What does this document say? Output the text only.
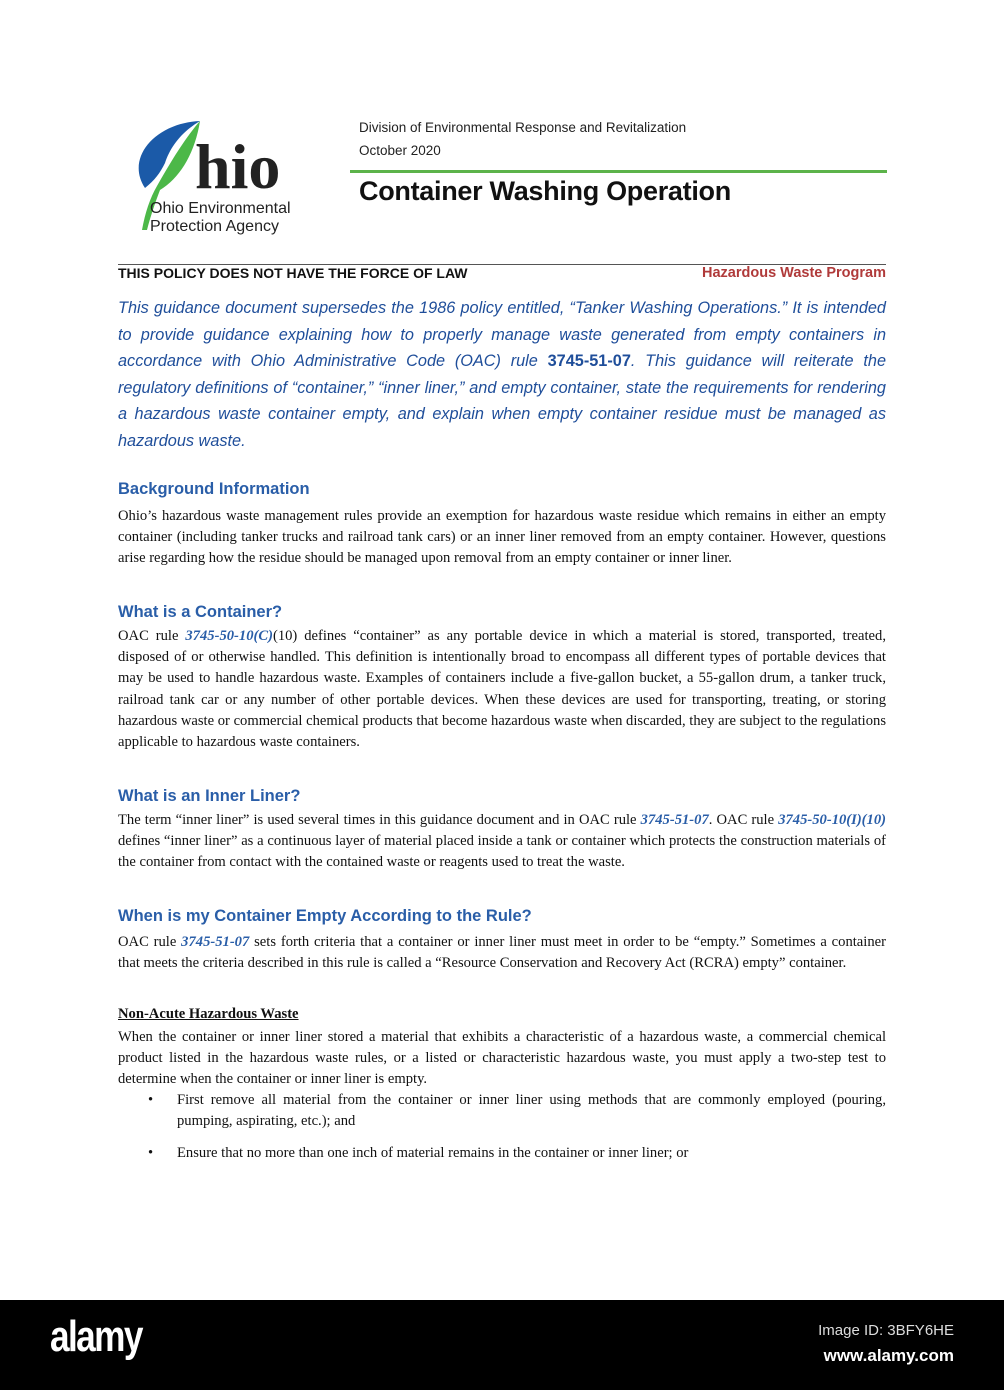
hio
Ohio Environmental
Protection Agency
Division of Environmental Response and Revitalization
October 2020
Container Washing Operation
THIS POLICY DOES NOT HAVE THE FORCE OF LAW	Hazardous Waste Program
This guidance document supersedes the 1986 policy entitled, “Tanker Washing Operations.” It is intended to provide guidance explaining how to properly manage waste generated from empty containers in accordance with Ohio Administrative Code (OAC) rule 3745-51-07. This guidance will reiterate the regulatory definitions of “container,” “inner liner,” and empty container, state the requirements for rendering a hazardous waste container empty, and explain when empty container residue must be managed as hazardous waste.
Background Information
Ohio’s hazardous waste management rules provide an exemption for hazardous waste residue which remains in either an empty container (including tanker trucks and railroad tank cars) or an inner liner removed from an empty container. However, questions arise regarding how the residue should be managed upon removal from an empty container or inner liner.
What is a Container?
OAC rule 3745-50-10(C)(10) defines “container” as any portable device in which a material is stored, transported, treated, disposed of or otherwise handled. This definition is intentionally broad to encompass all different types of portable devices that may be used to handle hazardous waste. Examples of containers include a five-gallon bucket, a 55-gallon drum, a tanker truck, railroad tank car or any number of other portable devices. When these devices are used for transporting, treating, or storing hazardous waste or commercial chemical products that become hazardous waste when discarded, they are subject to the regulations applicable to hazardous waste containers.
What is an Inner Liner?
The term “inner liner” is used several times in this guidance document and in OAC rule 3745-51-07. OAC rule 3745-50-10(I)(10) defines “inner liner” as a continuous layer of material placed inside a tank or container which protects the construction materials of the container from contact with the contained waste or reagents used to treat the waste.
When is my Container Empty According to the Rule?
OAC rule 3745-51-07 sets forth criteria that a container or inner liner must meet in order to be “empty.” Sometimes a container that meets the criteria described in this rule is called a “Resource Conservation and Recovery Act (RCRA) empty” container.
Non-Acute Hazardous Waste
When the container or inner liner stored a material that exhibits a characteristic of a hazardous waste, a commercial chemical product listed in the hazardous waste rules, or a listed or characteristic hazardous waste, you must apply a two-step test to determine when the container or inner liner is empty.
• First remove all material from the container or inner liner using methods that are commonly employed (pouring, pumping, aspirating, etc.); and
• Ensure that no more than one inch of material remains in the container or inner liner; or
alamy	Image ID: 3BFY6HE
www.alamy.com
